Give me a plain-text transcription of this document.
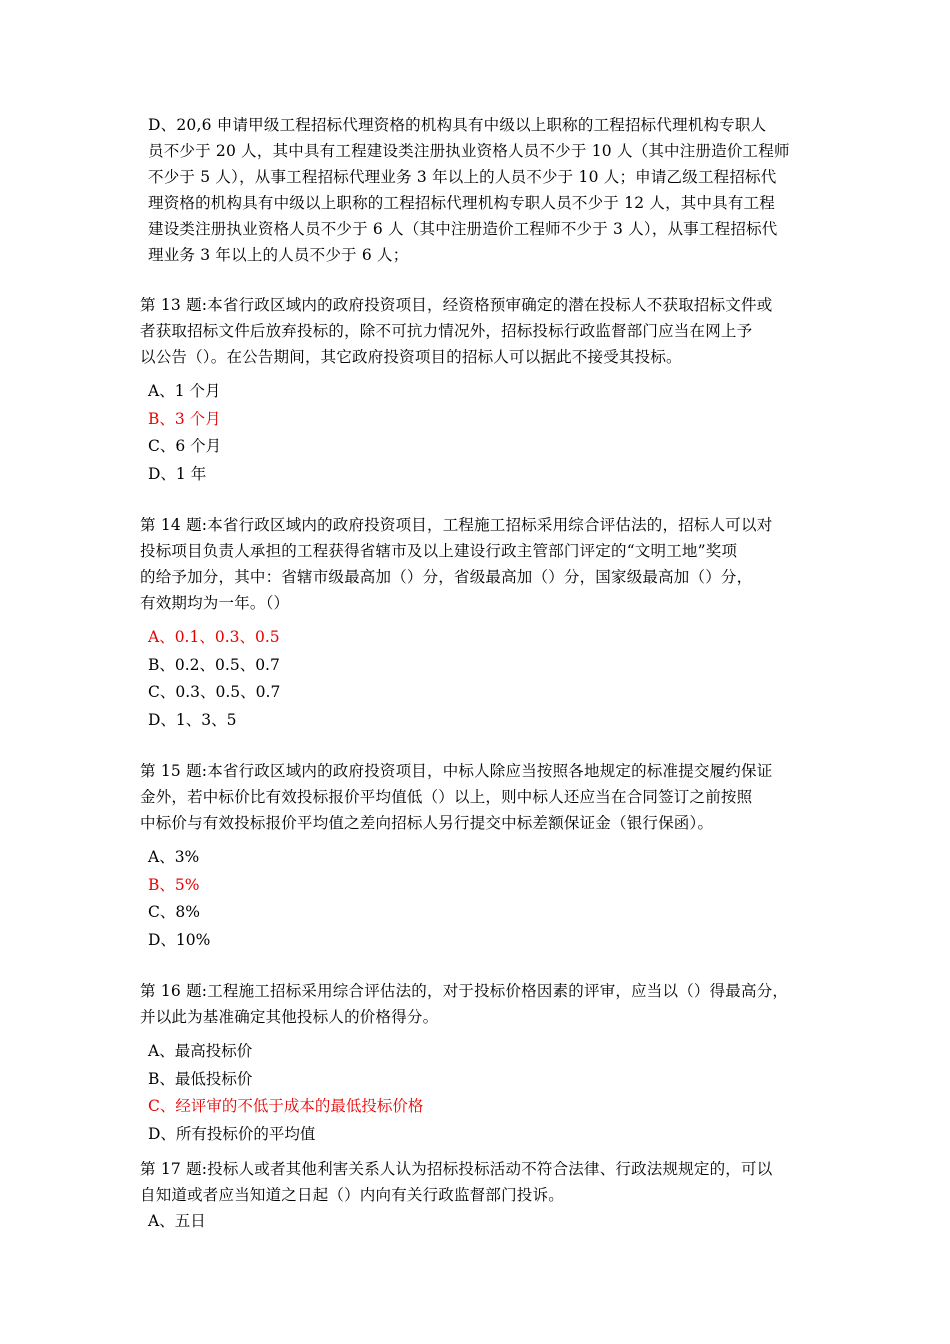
D、20,6 申请甲级工程招标代理资格的机构具有中级以上职称的工程招标代理机构专职人
员不少于 20 人，其中具有工程建设类注册执业资格人员不少于 10 人（其中注册造价工程师
不少于 5 人），从事工程招标代理业务 3 年以上的人员不少于 10 人；申请乙级工程招标代
理资格的机构具有中级以上职称的工程招标代理机构专职人员不少于 12 人，其中具有工程
建设类注册执业资格人员不少于 6 人（其中注册造价工程师不少于 3 人），从事工程招标代
理业务 3 年以上的人员不少于 6 人；
第 13 题:本省行政区域内的政府投资项目，经资格预审确定的潜在投标人不获取招标文件或
者获取招标文件后放弃投标的，除不可抗力情况外，招标投标行政监督部门应当在网上予
以公告（）。在公告期间，其它政府投资项目的招标人可以据此不接受其投标。
A、1 个月
B、3 个月
C、6 个月
D、1 年
第 14 题:本省行政区域内的政府投资项目，工程施工招标采用综合评估法的，招标人可以对
投标项目负责人承担的工程获得省辖市及以上建设行政主管部门评定的“文明工地”奖项
的给予加分，其中：省辖市级最高加（）分，省级最高加（）分，国家级最高加（）分，
有效期均为一年。（）
A、0.1、0.3、0.5
B、0.2、0.5、0.7
C、0.3、0.5、0.7
D、1、3、5
第 15 题:本省行政区域内的政府投资项目，中标人除应当按照各地规定的标准提交履约保证
金外，若中标价比有效投标报价平均值低（）以上，则中标人还应当在合同签订之前按照
中标价与有效投标报价平均值之差向招标人另行提交中标差额保证金（银行保函）。
A、3%
B、5%
C、8%
D、10%
第 16 题:工程施工招标采用综合评估法的，对于投标价格因素的评审，应当以（）得最高分，
并以此为基准确定其他投标人的价格得分。
A、最高投标价
B、最低投标价
C、经评审的不低于成本的最低投标价格
D、所有投标价的平均值
第 17 题:投标人或者其他利害关系人认为招标投标活动不符合法律、行政法规规定的，可以
自知道或者应当知道之日起（）内向有关行政监督部门投诉。
A、五日
